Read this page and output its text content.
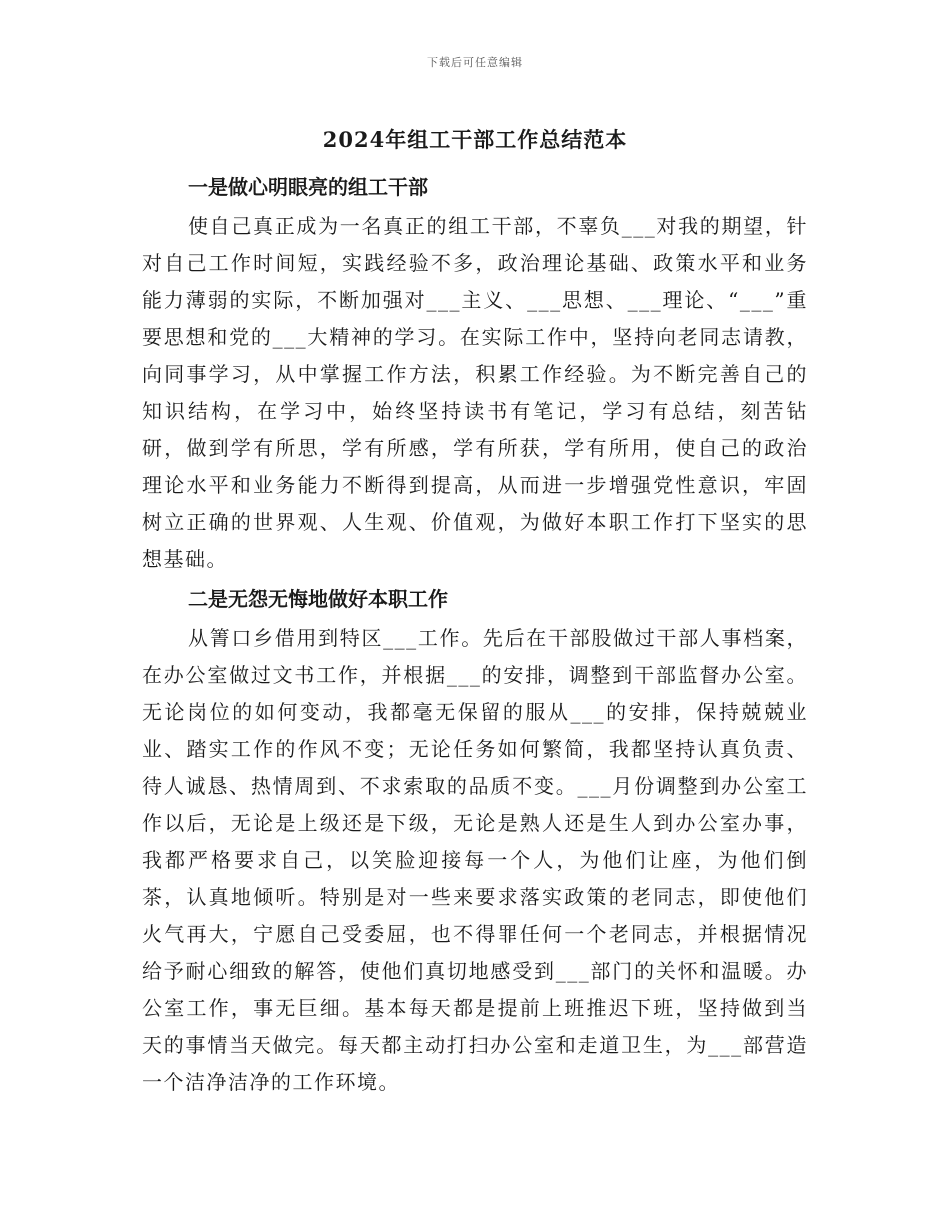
下载后可任意编辑
2024年组工干部工作总结范本

一是做心明眼亮的组工干部

使自己真正成为一名真正的组工干部，不辜负___对我的期望，针对自己工作时间短，实践经验不多，政治理论基础、政策水平和业务能力薄弱的实际，不断加强对___主义、___思想、___理论、“___”重要思想和党的___大精神的学习。在实际工作中，坚持向老同志请教，向同事学习，从中掌握工作方法，积累工作经验。为不断完善自己的知识结构，在学习中，始终坚持读书有笔记，学习有总结，刻苦钻研，做到学有所思，学有所感，学有所获，学有所用，使自己的政治理论水平和业务能力不断得到提高，从而进一步增强党性意识，牢固树立正确的世界观、人生观、价值观，为做好本职工作打下坚实的思想基础。

二是无怨无悔地做好本职工作

从箐口乡借用到特区___工作。先后在干部股做过干部人事档案，在办公室做过文书工作，并根据___的安排，调整到干部监督办公室。无论岗位的如何变动，我都毫无保留的服从___的安排，保持兢兢业业、踏实工作的作风不变；无论任务如何繁简，我都坚持认真负责、待人诚恳、热情周到、不求索取的品质不变。___月份调整到办公室工作以后，无论是上级还是下级，无论是熟人还是生人到办公室办事，我都严格要求自己，以笑脸迎接每一个人，为他们让座，为他们倒茶，认真地倾听。特别是对一些来要求落实政策的老同志，即使他们火气再大，宁愿自己受委屈，也不得罪任何一个老同志，并根据情况给予耐心细致的解答，使他们真切地感受到___部门的关怀和温暖。办公室工作，事无巨细。基本每天都是提前上班推迟下班，坚持做到当天的事情当天做完。每天都主动打扫办公室和走道卫生，为___部营造一个洁净洁净的工作环境。
